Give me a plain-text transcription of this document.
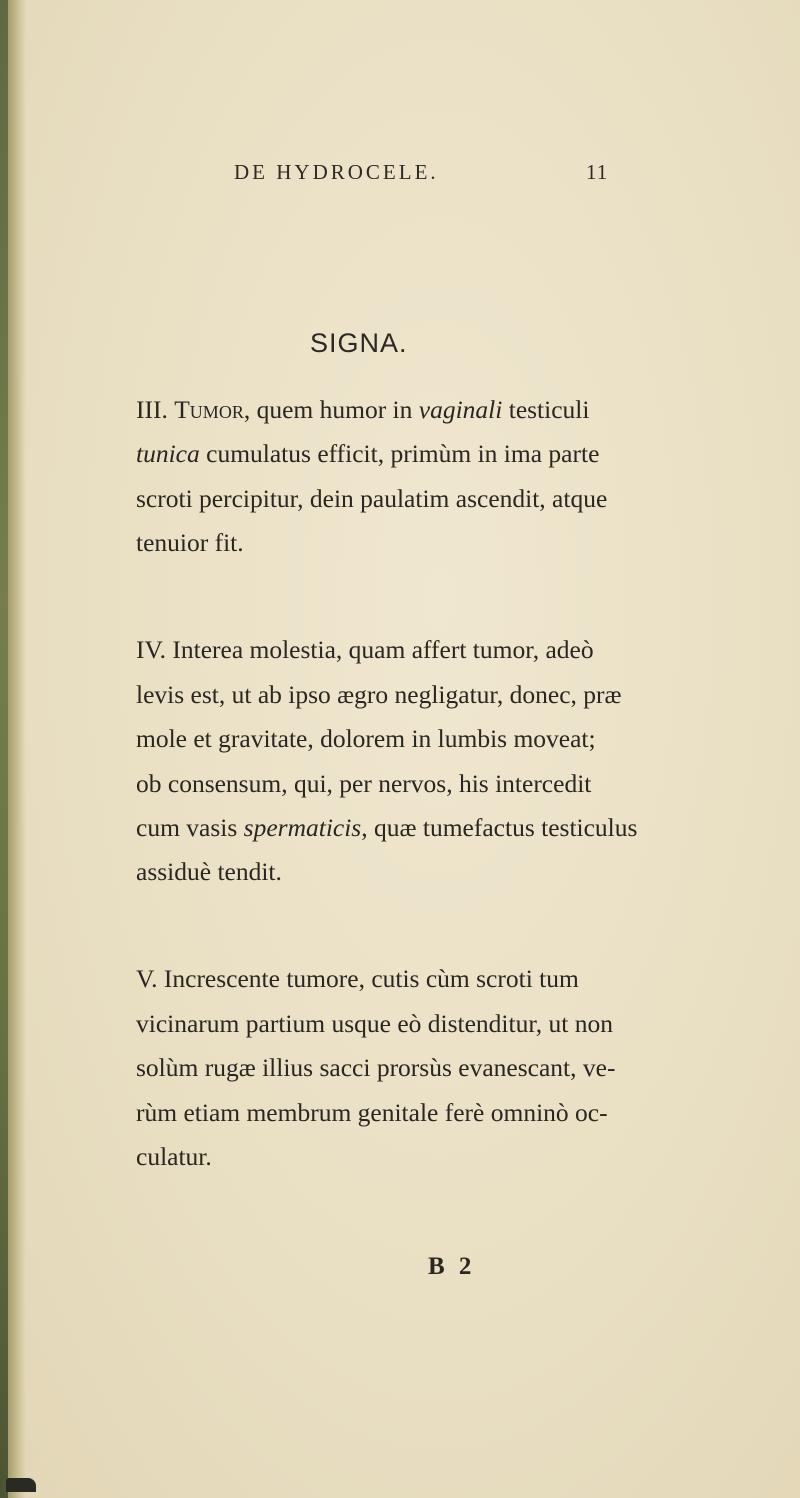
DE HYDROCELE.	11
SIGNA.
III. Tumor, quem humor in vaginali testiculi
tunica cumulatus efficit, primùm in ima parte
scroti percipitur, dein paulatim ascendit, atque
tenuior fit.
IV. Interea molestia, quam affert tumor, adeò
levis est, ut ab ipso ægro negligatur, donec, præ
mole et gravitate, dolorem in lumbis moveat;
ob consensum, qui, per nervos, his intercedit
cum vasis spermaticis, quæ tumefactus testiculus
assiduè tendit.
V. Increscente tumore, cutis cùm scroti tum
vicinarum partium usque eò distenditur, ut non
solùm rugæ illius sacci prorsùs evanescant, ve-
rùm etiam membrum genitale ferè omninò oc-
culatur.
B 2
